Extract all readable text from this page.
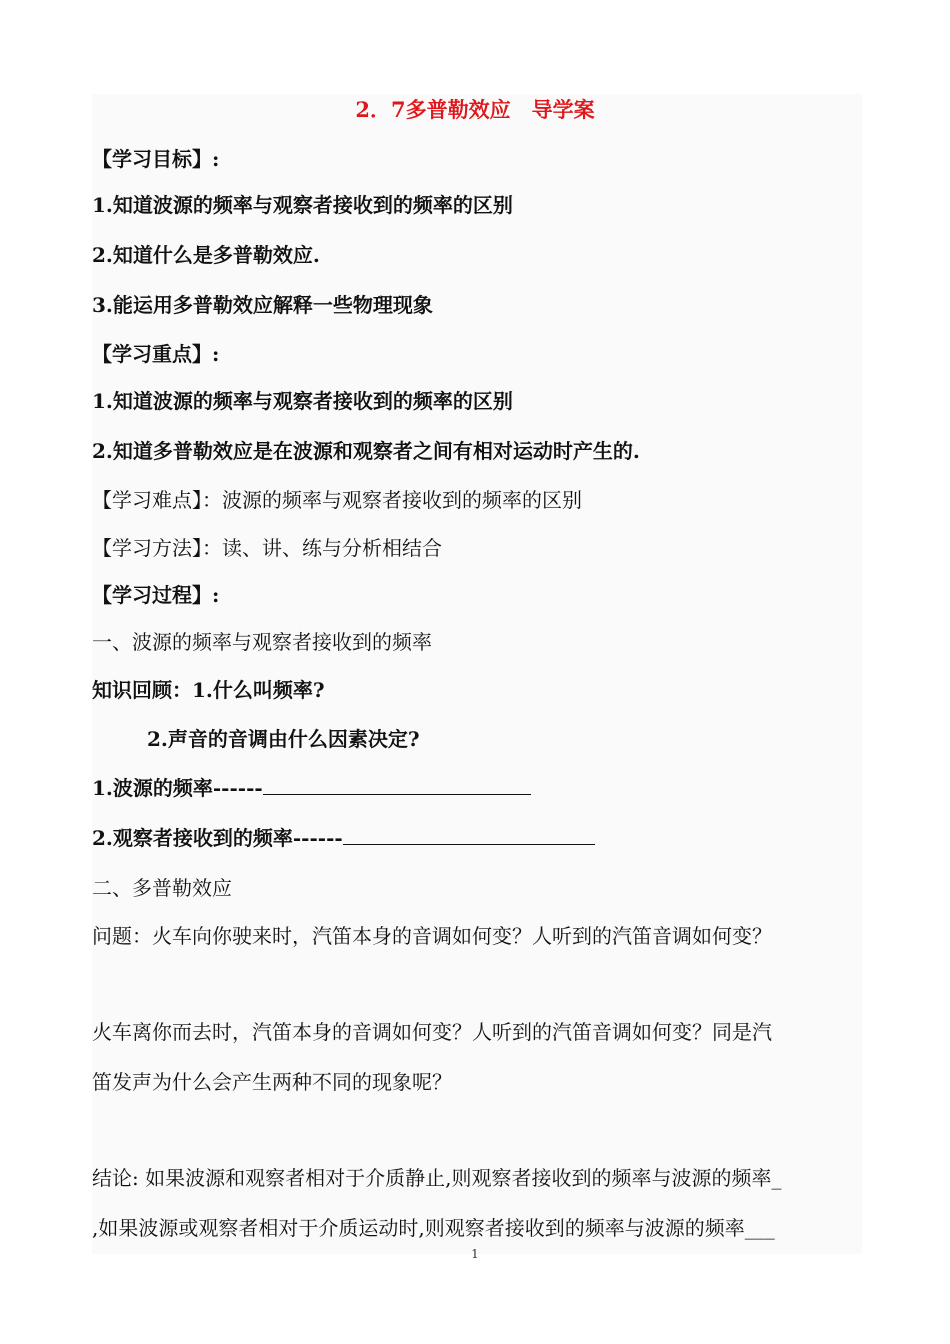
2．7多普勒效应　导学案
【学习目标】:
1.知道波源的频率与观察者接收到的频率的区别
2.知道什么是多普勒效应.
3.能运用多普勒效应解释一些物理现象
【学习重点】:
1.知道波源的频率与观察者接收到的频率的区别
2.知道多普勒效应是在波源和观察者之间有相对运动时产生的.
【学习难点】：波源的频率与观察者接收到的频率的区别
【学习方法】：读、讲、练与分析相结合
【学习过程】:
一、波源的频率与观察者接收到的频率
知识回顾：1.什么叫频率?
2.声音的音调由什么因素决定?
1.波源的频率------
2.观察者接收到的频率------
二、多普勒效应
问题：火车向你驶来时，汽笛本身的音调如何变？人听到的汽笛音调如何变？
火车离你而去时，汽笛本身的音调如何变？人听到的汽笛音调如何变？同是汽
笛发声为什么会产生两种不同的现象呢？
结论: 如果波源和观察者相对于介质静止,则观察者接收到的频率与波源的频率_
,如果波源或观察者相对于介质运动时,则观察者接收到的频率与波源的频率___
1
